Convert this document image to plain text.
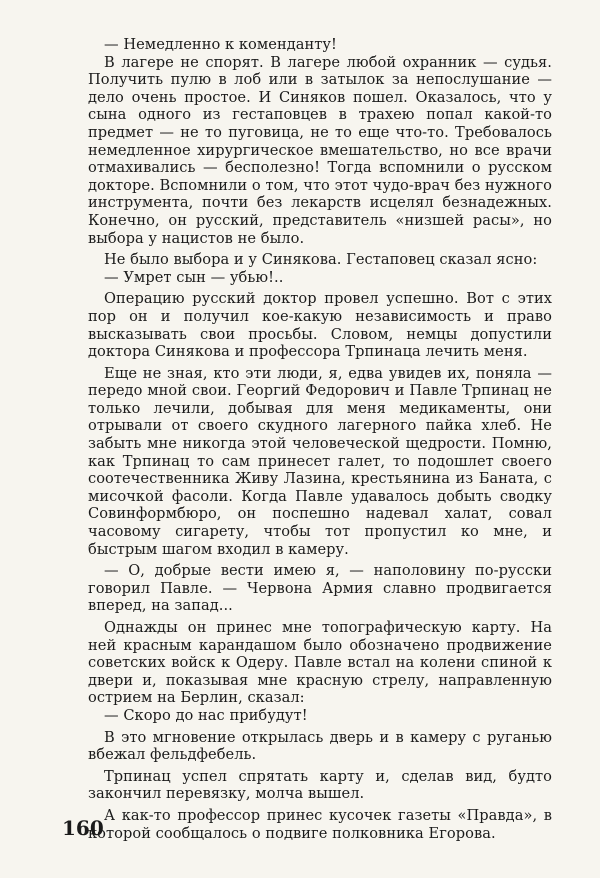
— Немедленно к коменданту!

В лагере не спорят. В лагере любой охранник — судья. Получить пулю в лоб или в затылок за непослушание — дело очень простое. И Синяков пошел. Оказалось, что у сына одного из гестаповцев в трахею попал какой-то предмет — не то пуговица, не то еще что-то. Требовалось немедленное хирургическое вмешательство, но все врачи отмахивались — бесполезно! Тогда вспомнили о русском докторе. Вспомнили о том, что этот чудо-врач без нужного инструмента, почти без лекарств исцелял безнадежных. Конечно, он русский, представитель «низшей расы», но выбора у нацистов не было.

Не было выбора и у Синякова. Гестаповец сказал ясно:

— Умрет сын — убью!..

Операцию русский доктор провел успешно. Вот с этих пор он и получил кое-какую независимость и право высказывать свои просьбы. Словом, немцы допустили доктора Синякова и профессора Трпинаца лечить меня.

Еще не зная, кто эти люди, я, едва увидев их, поняла — передо мной свои. Георгий Федорович и Павле Трпинац не только лечили, добывая для меня медикаменты, они отрывали от своего скудного лагерного пайка хлеб. Не забыть мне никогда этой человеческой щедрости. Помню, как Трпинац то сам принесет галет, то подошлет своего соотечественника Живу Лазина, крестьянина из Баната, с мисочкой фасоли. Когда Павле удавалось добыть сводку Совинформбюро, он поспешно надевал халат, совал часовому сигарету, чтобы тот пропустил ко мне, и быстрым шагом входил в камеру.

— О, добрые вести имею я, — наполовину по-русски говорил Павле. — Червона Армия славно продвигается вперед, на запад...

Однажды он принес мне топографическую карту. На ней красным карандашом было обозначено продвижение советских войск к Одеру. Павле встал на колени спиной к двери и, показывая мне красную стрелу, направленную острием на Берлин, сказал:

— Скоро до нас прибудут!

В это мгновение открылась дверь и в камеру с руганью вбежал фельдфебель.

Трпинац успел спрятать карту и, сделав вид, будто закончил перевязку, молча вышел.

А как-то профессор принес кусочек газеты «Правда», в которой сообщалось о подвиге полковника Егорова.

160
